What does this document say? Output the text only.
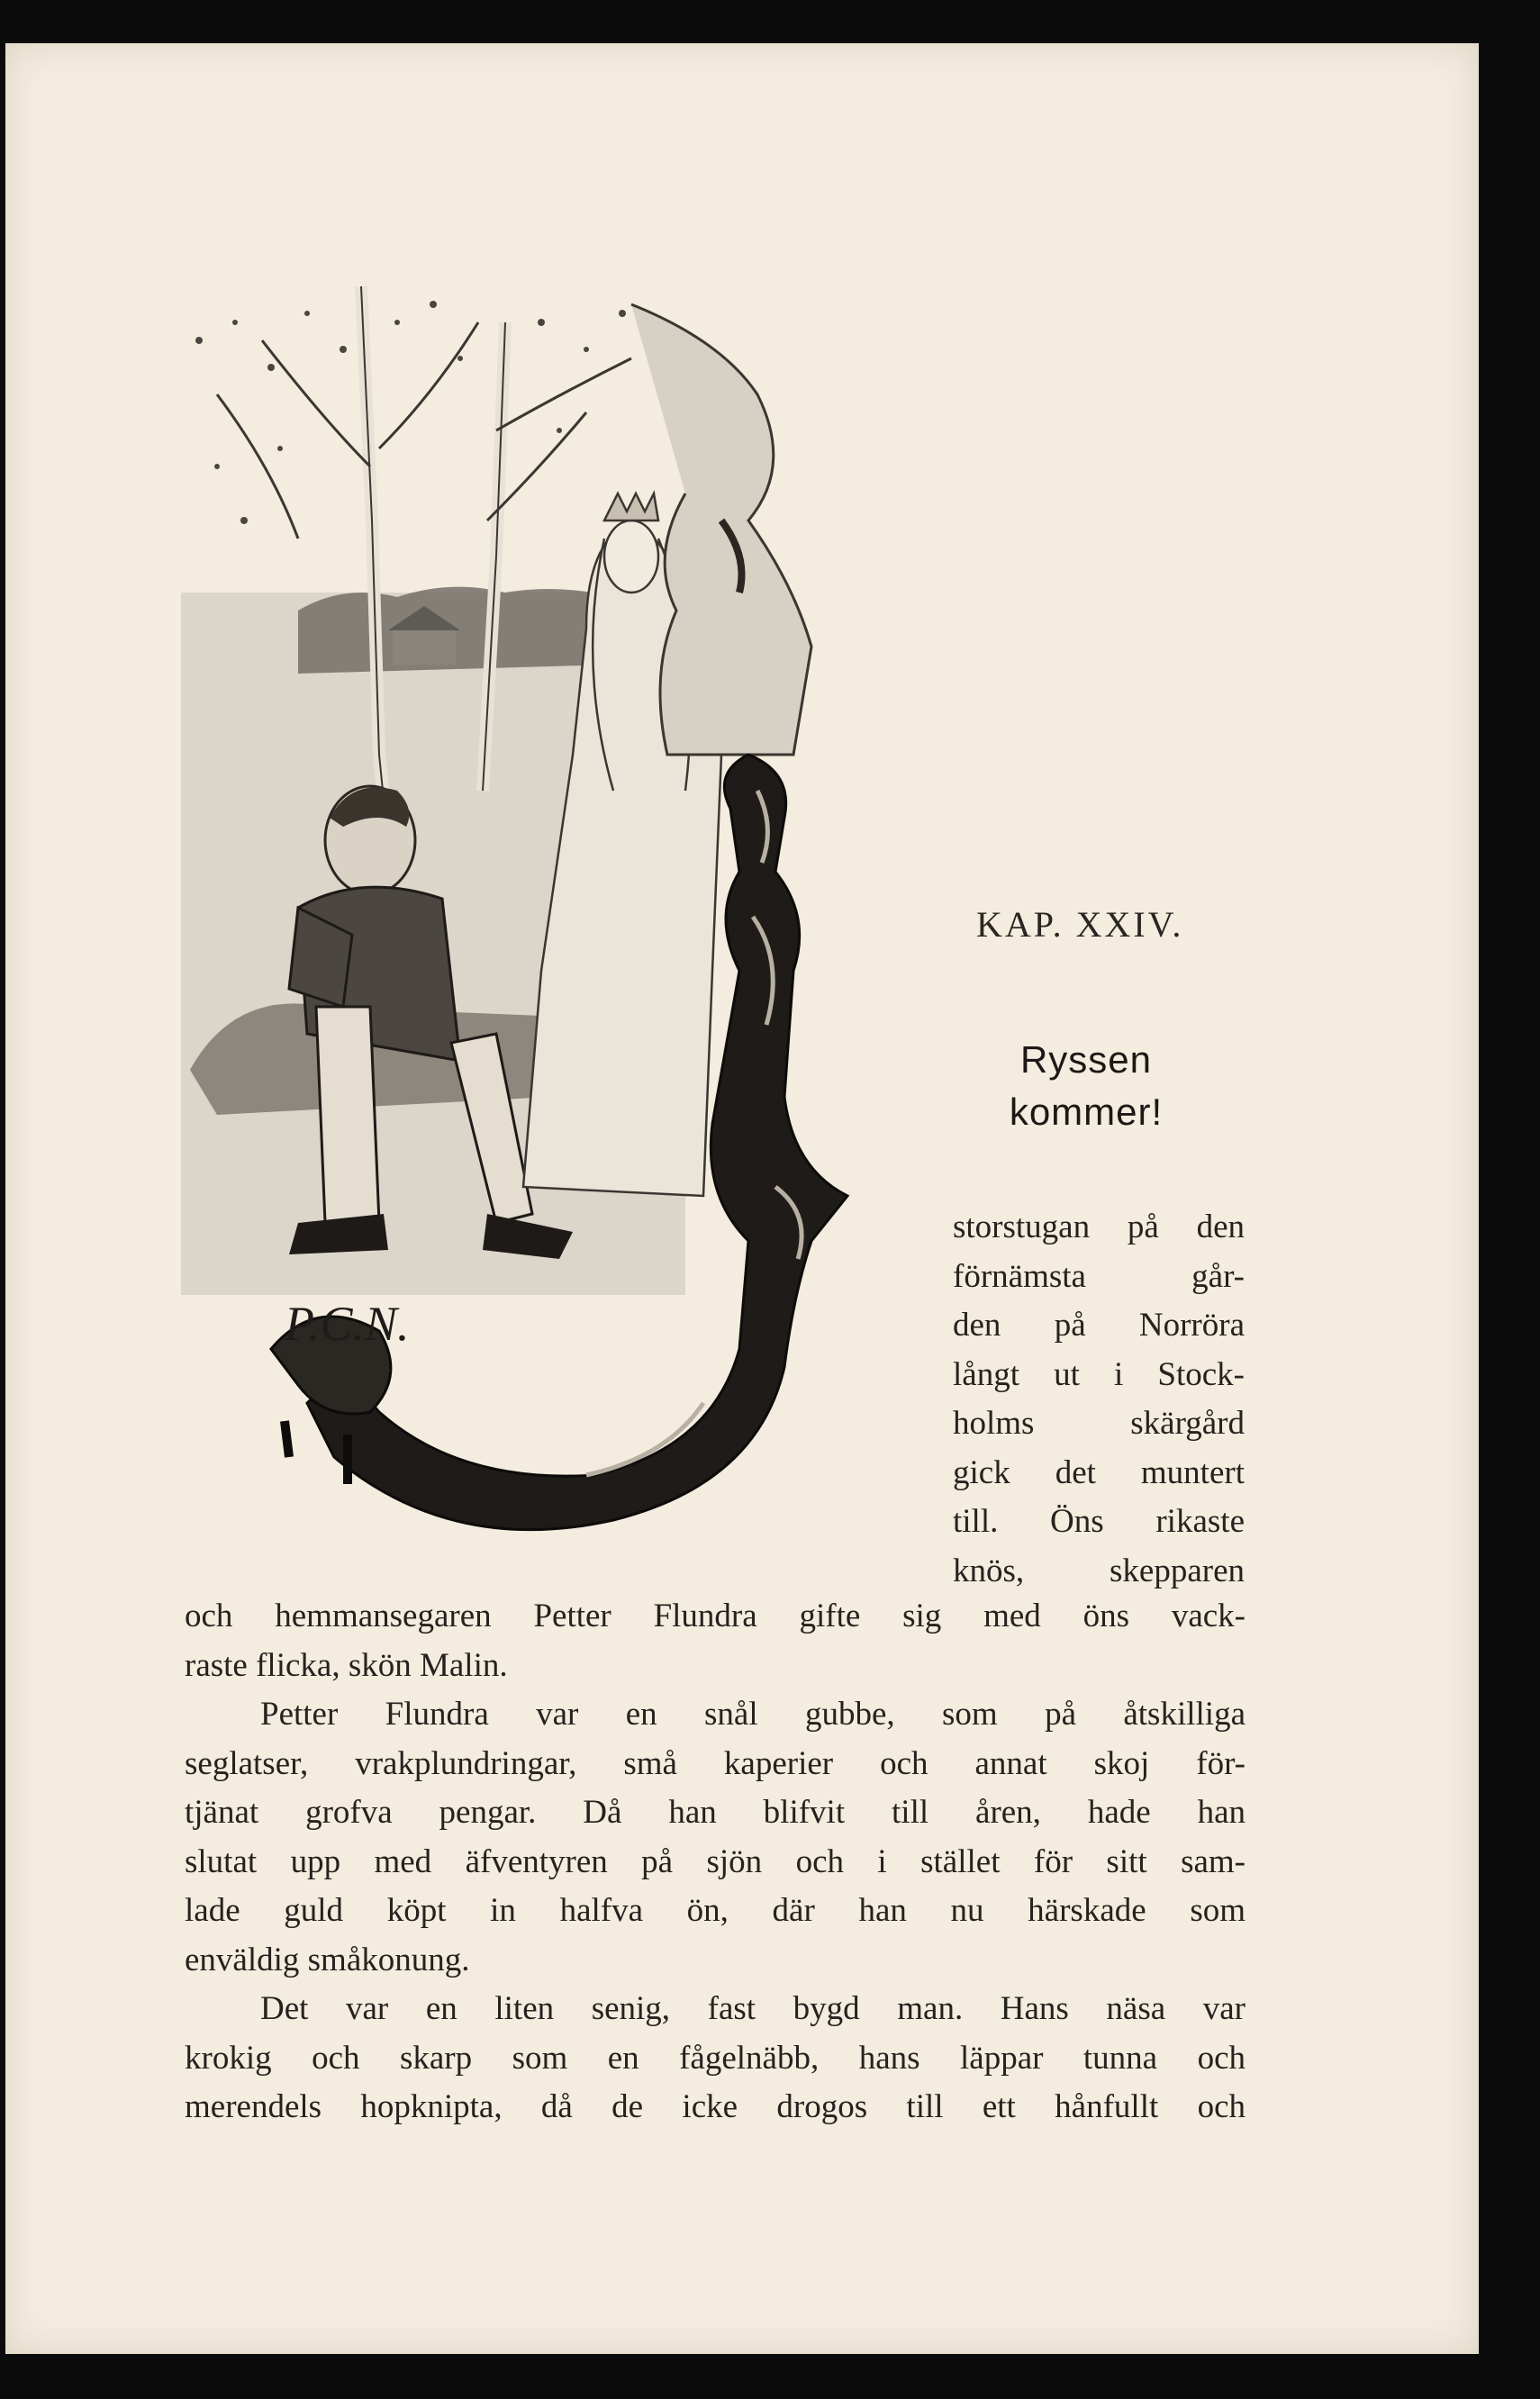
P.C.N.
KAP. XXIV.
Ryssen
kommer!
storstugan på den
förnämsta går-
den på Norröra
långt ut i Stock-
holms skärgård
gick det muntert
till. Öns rikaste
knös, skepparen
och hemmansegaren Petter Flundra gifte sig med öns vack-
raste flicka, skön Malin.
Petter Flundra var en snål gubbe, som på åtskilliga
seglatser, vrakplundringar, små kaperier och annat skoj för-
tjänat grofva pengar. Då han blifvit till åren, hade han
slutat upp med äfventyren på sjön och i stället för sitt sam-
lade guld köpt in halfva ön, där han nu härskade som
enväldig småkonung.
Det var en liten senig, fast bygd man. Hans näsa var
krokig och skarp som en fågelnäbb, hans läppar tunna och
merendels hopknipta, då de icke drogos till ett hånfullt och
